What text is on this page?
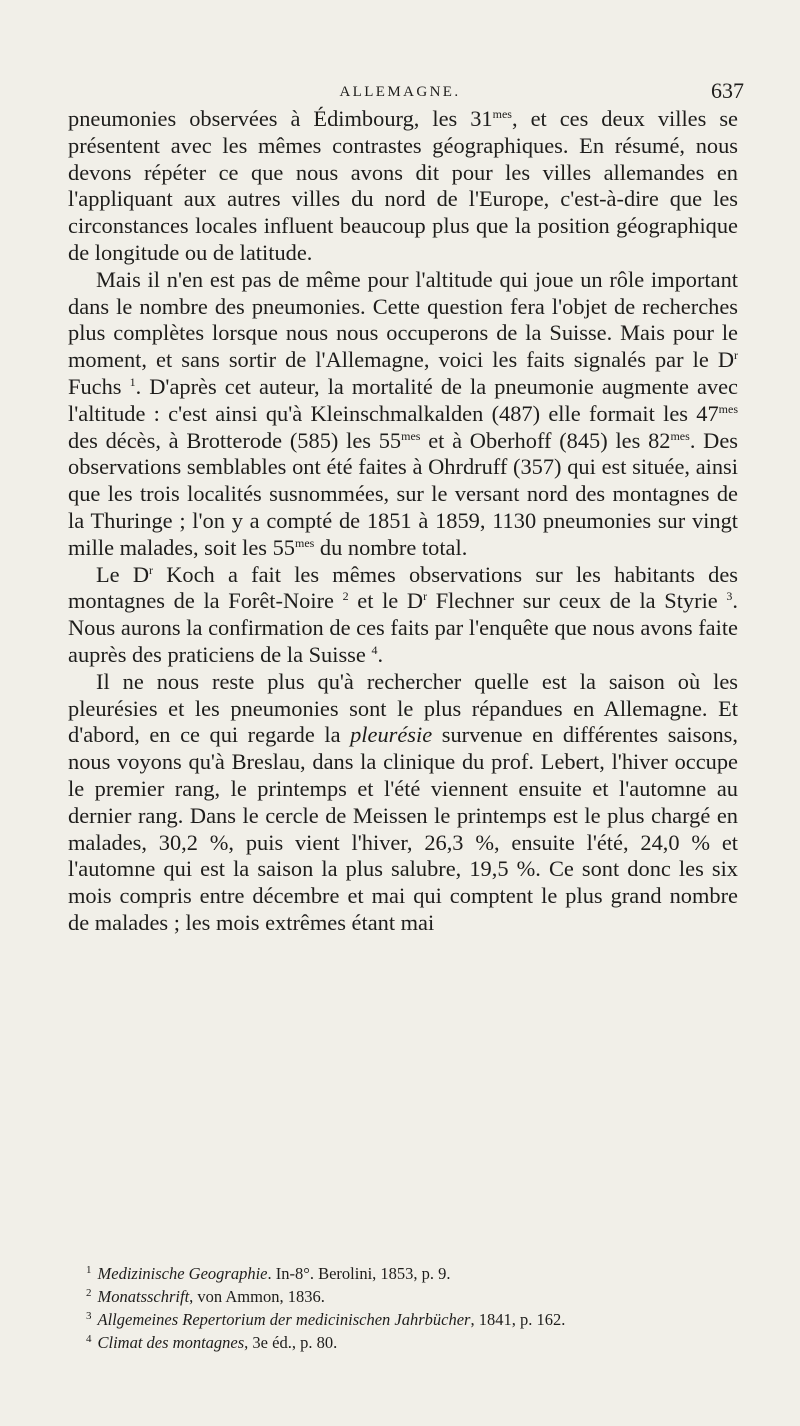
ALLEMAGNE.	637

pneumonies observées à Édimbourg, les $31^{mes}$, et ces deux villes se présentent avec les mêmes contrastes géographiques. En résumé, nous devons répéter ce que nous avons dit pour les villes allemandes en l'appliquant aux autres villes du nord de l'Europe, c'est-à-dire que les circonstances locales influent beaucoup plus que la position géographique de longitude ou de latitude.

Mais il n'en est pas de même pour l'altitude qui joue un rôle important dans le nombre des pneumonies. Cette question fera l'objet de recherches plus complètes lorsque nous nous occuperons de la Suisse. Mais pour le moment, et sans sortir de l'Allemagne, voici les faits signalés par le $D^r$ Fuchs $^1$. D'après cet auteur, la mortalité de la pneumonie augmente avec l'altitude : c'est ainsi qu'à Kleinschmalkalden (487) elle formait les $47^{mes}$ des décès, à Brotterode (585) les $55^{mes}$ et à Oberhoff (845) les $82^{mes}$. Des observations semblables ont été faites à Ohrdruff (357) qui est située, ainsi que les trois localités susnommées, sur le versant nord des montagnes de la Thuringe ; l'on y a compté de 1851 à 1859, 1130 pneumonies sur vingt mille malades, soit les $55^{mes}$ du nombre total.

Le $D^r$ Koch a fait les mêmes observations sur les habitants des montagnes de la Forêt-Noire $^2$ et le $D^r$ Flechner sur ceux de la Styrie $^3$. Nous aurons la confirmation de ces faits par l'enquête que nous avons faite auprès des praticiens de la Suisse $^4$.

Il ne nous reste plus qu'à rechercher quelle est la saison où les pleurésies et les pneumonies sont le plus répandues en Allemagne. Et d'abord, en ce qui regarde la pleurésie survenue en différentes saisons, nous voyons qu'à Breslau, dans la clinique du prof. Lebert, l'hiver occupe le premier rang, le printemps et l'été viennent ensuite et l'automne au dernier rang. Dans le cercle de Meissen le printemps est le plus chargé en malades, 30,2 %, puis vient l'hiver, 26,3 %, ensuite l'été, 24,0 % et l'automne qui est la saison la plus salubre, 19,5 %. Ce sont donc les six mois compris entre décembre et mai qui comptent le plus grand nombre de malades ; les mois extrêmes étant mai

$^1$ Medizinische Geographie. In-8°. Berolini, 1853, p. 9.
$^2$ Monatsschrift, von Ammon, 1836.
$^3$ Allgemeines Repertorium der medicinischen Jahrbücher, 1841, p. 162.
$^4$ Climat des montagnes, 3e éd., p. 80.
